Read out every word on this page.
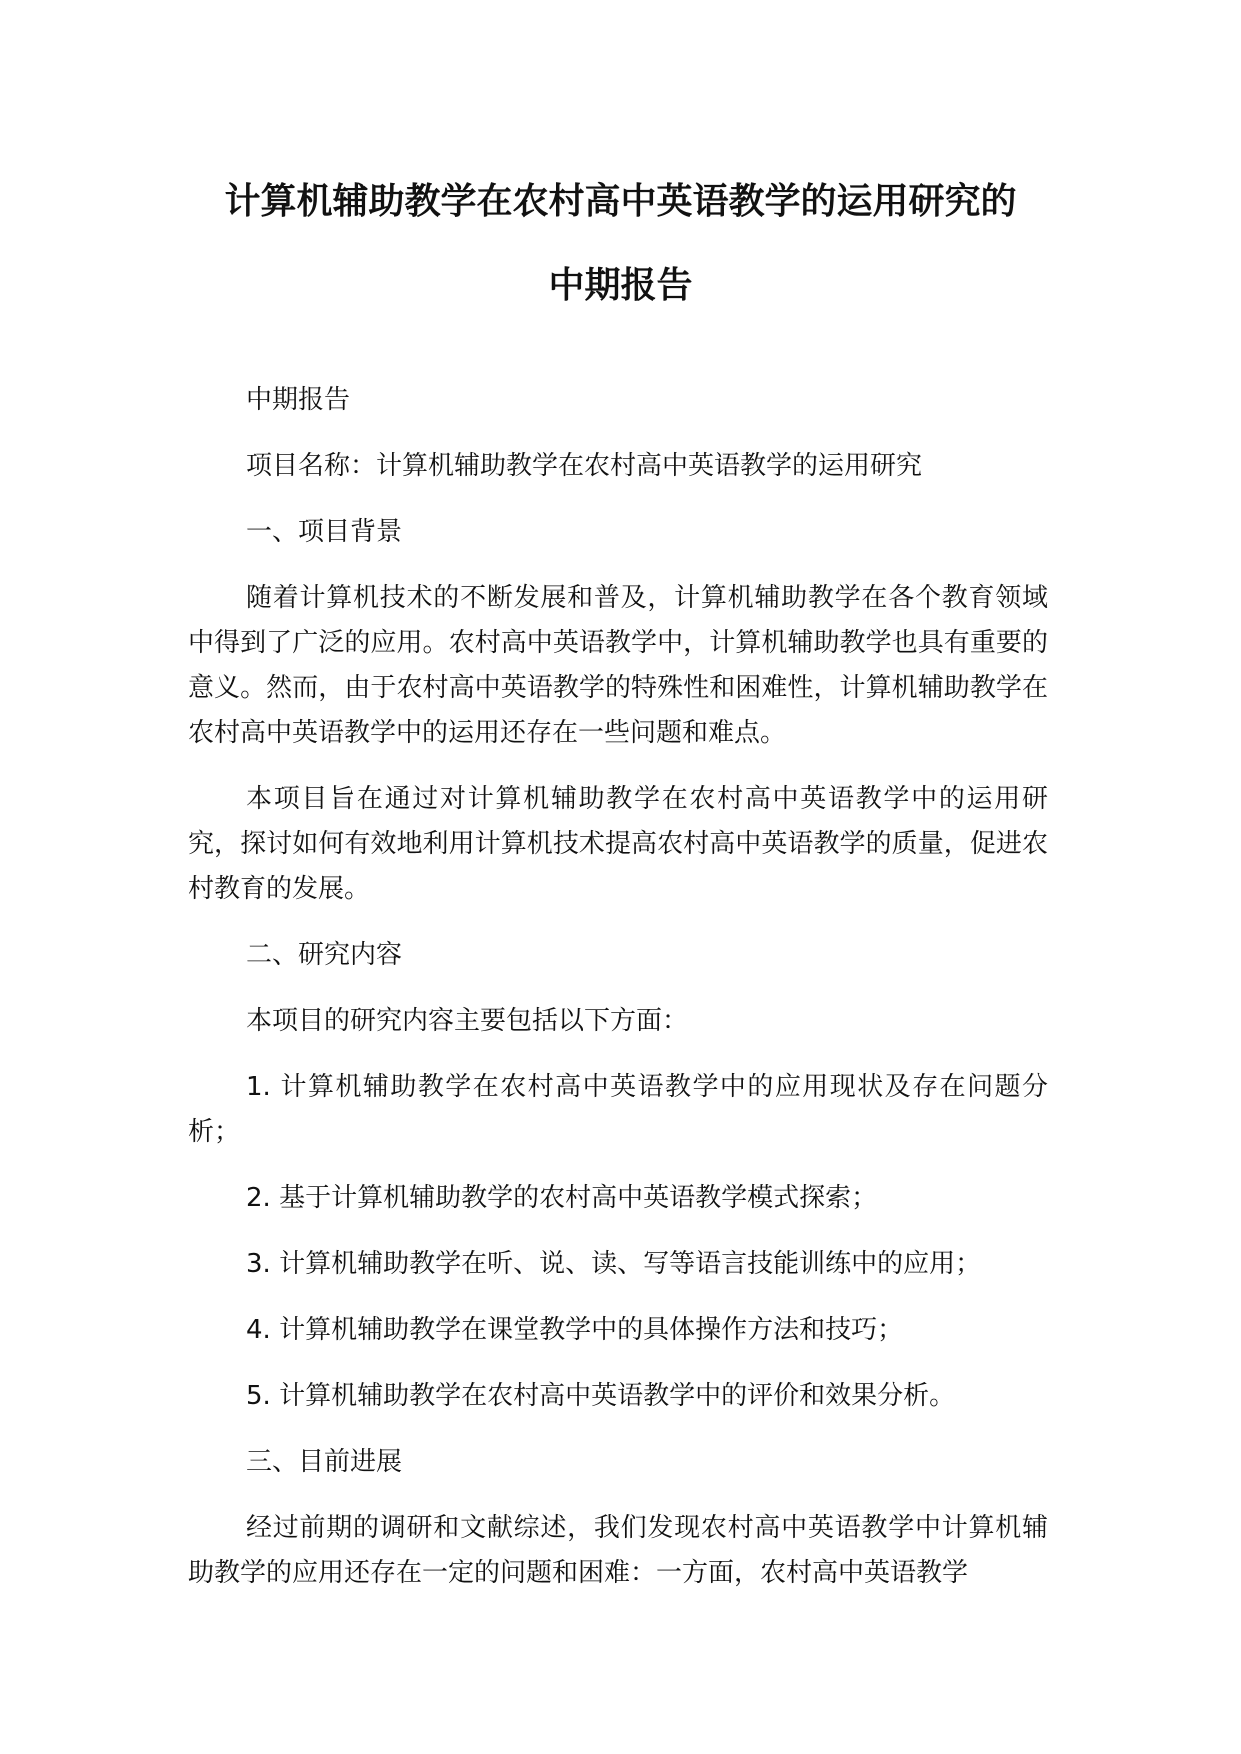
计算机辅助教学在农村高中英语教学的运用研究的
中期报告

中期报告

项目名称：计算机辅助教学在农村高中英语教学的运用研究

一、项目背景

随着计算机技术的不断发展和普及，计算机辅助教学在各个教育领域中得到了广泛的应用。农村高中英语教学中，计算机辅助教学也具有重要的意义。然而，由于农村高中英语教学的特殊性和困难性，计算机辅助教学在农村高中英语教学中的运用还存在一些问题和难点。

本项目旨在通过对计算机辅助教学在农村高中英语教学中的运用研究，探讨如何有效地利用计算机技术提高农村高中英语教学的质量，促进农村教育的发展。

二、研究内容

本项目的研究内容主要包括以下方面：

1. 计算机辅助教学在农村高中英语教学中的应用现状及存在问题分析；

2. 基于计算机辅助教学的农村高中英语教学模式探索；

3. 计算机辅助教学在听、说、读、写等语言技能训练中的应用；

4. 计算机辅助教学在课堂教学中的具体操作方法和技巧；

5. 计算机辅助教学在农村高中英语教学中的评价和效果分析。

三、目前进展

经过前期的调研和文献综述，我们发现农村高中英语教学中计算机辅助教学的应用还存在一定的问题和困难：一方面，农村高中英语教学
